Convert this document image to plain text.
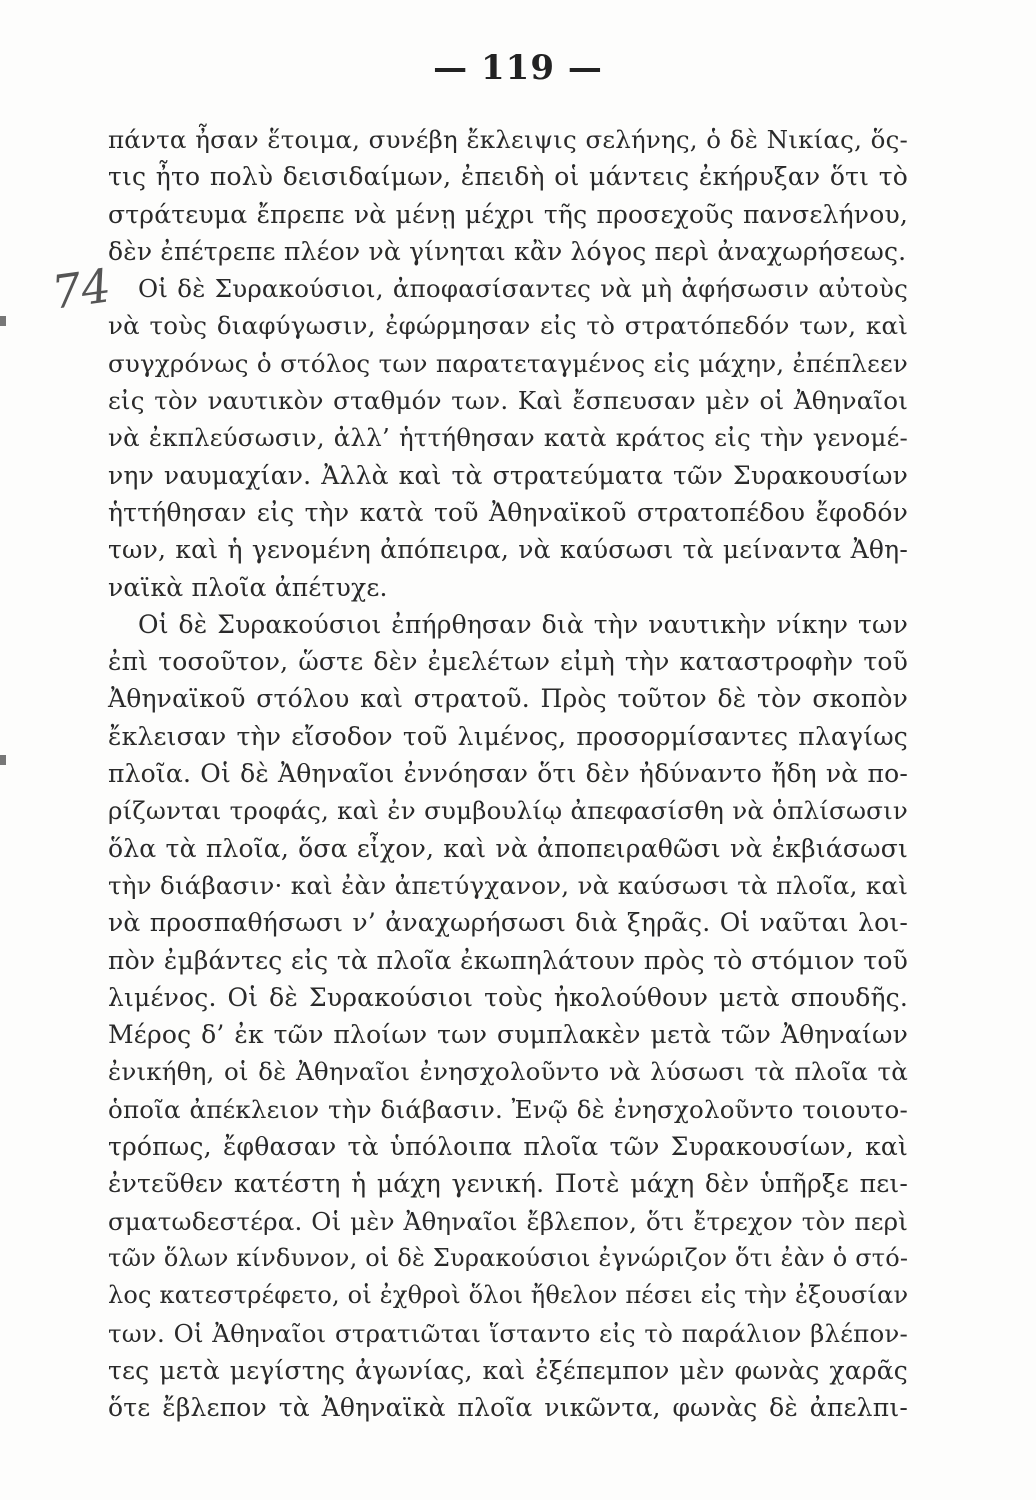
— 119 —
74
πάντα ἦσαν ἕτοιμα, συνέβη ἔκλειψις σελήνης, ὁ δὲ Νικίας, ὅς-
τις ἦτο πολὺ δεισιδαίμων, ἐπειδὴ οἱ μάντεις ἐκήρυξαν ὅτι τὸ
στράτευμα ἔπρεπε νὰ μένῃ μέχρι τῆς προσεχοῦς πανσελήνου,
δὲν ἐπέτρεπε πλέον νὰ γίνηται κἂν λόγος περὶ ἀναχωρήσεως.
Οἱ δὲ Συρακούσιοι, ἀποφασίσαντες νὰ μὴ ἀφήσωσιν αὐτοὺς
νὰ τοὺς διαφύγωσιν, ἐφώρμησαν εἰς τὸ στρατόπεδόν των, καὶ
συγχρόνως ὁ στόλος των παρατεταγμένος εἰς μάχην, ἐπέπλεεν
εἰς τὸν ναυτικὸν σταθμόν των. Καὶ ἔσπευσαν μὲν οἱ Ἀθηναῖοι
νὰ ἐκπλεύσωσιν, ἀλλ’ ἡττήθησαν κατὰ κράτος εἰς τὴν γενομέ-
νην ναυμαχίαν. Ἀλλὰ καὶ τὰ στρατεύματα τῶν Συρακουσίων
ἡττήθησαν εἰς τὴν κατὰ τοῦ Ἀθηναϊκοῦ στρατοπέδου ἔφοδόν
των, καὶ ἡ γενομένη ἀπόπειρα, νὰ καύσωσι τὰ μείναντα Ἀθη-
ναϊκὰ πλοῖα ἀπέτυχε.
Οἱ δὲ Συρακούσιοι ἐπήρθησαν διὰ τὴν ναυτικὴν νίκην των
ἐπὶ τοσοῦτον, ὥστε δὲν ἐμελέτων εἰμὴ τὴν καταστροφὴν τοῦ
Ἀθηναϊκοῦ στόλου καὶ στρατοῦ. Πρὸς τοῦτον δὲ τὸν σκοπὸν
ἔκλεισαν τὴν εἴσοδον τοῦ λιμένος, προσορμίσαντες πλαγίως
πλοῖα. Οἱ δὲ Ἀθηναῖοι ἐννόησαν ὅτι δὲν ἠδύναντο ἤδη νὰ πο-
ρίζωνται τροφάς, καὶ ἐν συμβουλίῳ ἀπεφασίσθη νὰ ὁπλίσωσιν
ὅλα τὰ πλοῖα, ὅσα εἶχον, καὶ νὰ ἀποπειραθῶσι νὰ ἐκβιάσωσι
τὴν διάβασιν· καὶ ἐὰν ἀπετύγχανον, νὰ καύσωσι τὰ πλοῖα, καὶ
νὰ προσπαθήσωσι ν’ ἀναχωρήσωσι διὰ ξηρᾶς. Οἱ ναῦται λοι-
πὸν ἐμβάντες εἰς τὰ πλοῖα ἐκωπηλάτουν πρὸς τὸ στόμιον τοῦ
λιμένος. Οἱ δὲ Συρακούσιοι τοὺς ἠκολούθουν μετὰ σπουδῆς.
Μέρος δ’ ἐκ τῶν πλοίων των συμπλακὲν μετὰ τῶν Ἀθηναίων
ἐνικήθη, οἱ δὲ Ἀθηναῖοι ἐνησχολοῦντο νὰ λύσωσι τὰ πλοῖα τὰ
ὁποῖα ἀπέκλειον τὴν διάβασιν. Ἐνῷ δὲ ἐνησχολοῦντο τοιουτο-
τρόπως, ἔφθασαν τὰ ὑπόλοιπα πλοῖα τῶν Συρακουσίων, καὶ
ἐντεῦθεν κατέστη ἡ μάχη γενική. Ποτὲ μάχη δὲν ὑπῆρξε πει-
σματωδεστέρα. Οἱ μὲν Ἀθηναῖοι ἔβλεπον, ὅτι ἔτρεχον τὸν περὶ
τῶν ὅλων κίνδυνον, οἱ δὲ Συρακούσιοι ἐγνώριζον ὅτι ἐὰν ὁ στό-
λος κατεστρέφετο, οἱ ἐχθροὶ ὅλοι ἤθελον πέσει εἰς τὴν ἐξουσίαν
των. Οἱ Ἀθηναῖοι στρατιῶται ἵσταντο εἰς τὸ παράλιον βλέπον-
τες μετὰ μεγίστης ἀγωνίας, καὶ ἐξέπεμπον μὲν φωνὰς χαρᾶς
ὅτε ἔβλεπον τὰ Ἀθηναϊκὰ πλοῖα νικῶντα, φωνὰς δὲ ἀπελπι-
